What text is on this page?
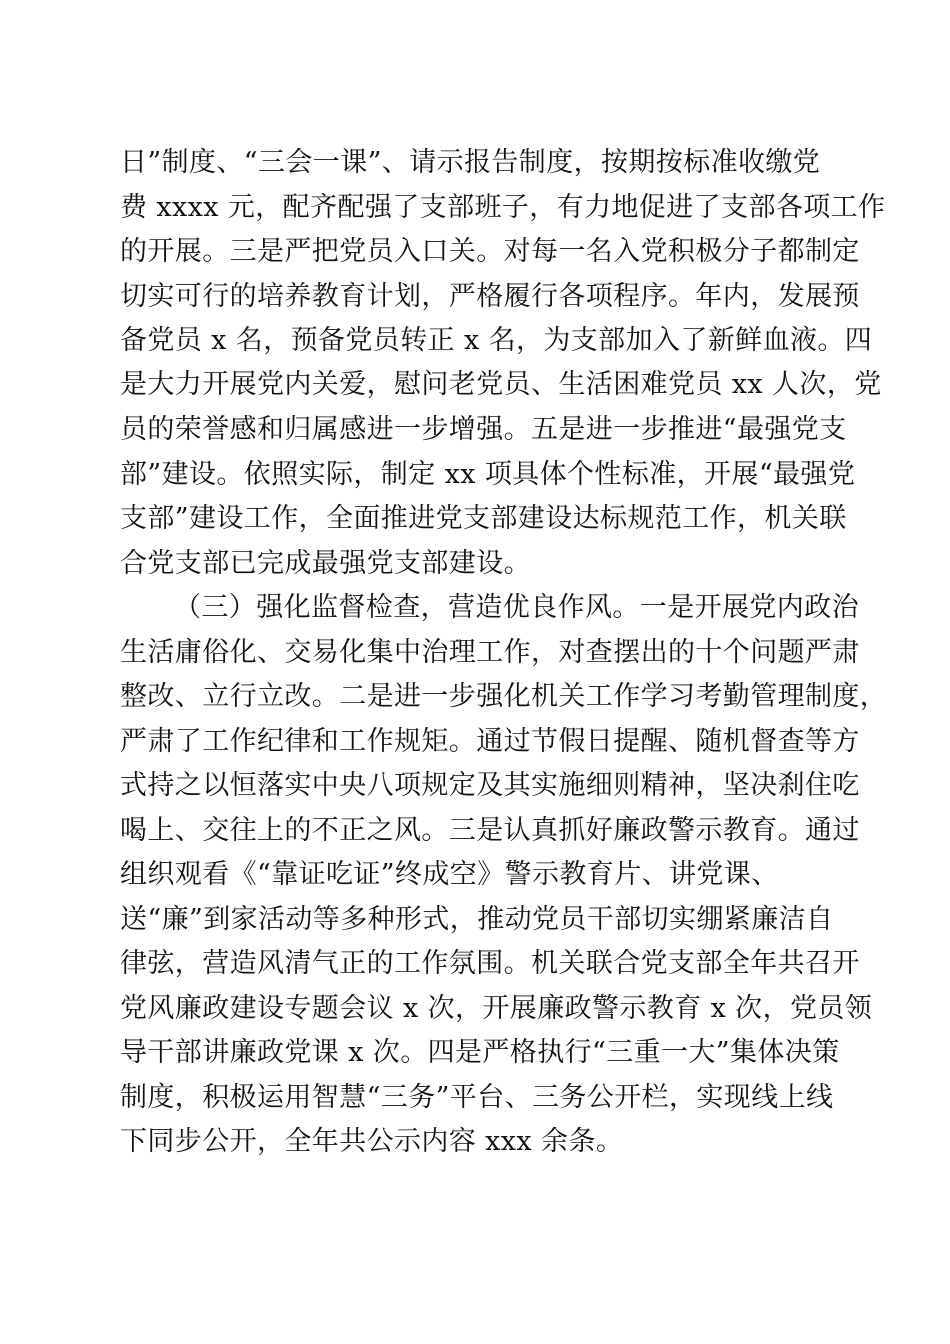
日”制度、“三会一课”、请示报告制度，按期按标准收缴党
费 xxxx 元，配齐配强了支部班子，有力地促进了支部各项工作
的开展。三是严把党员入口关。对每一名入党积极分子都制定
切实可行的培养教育计划，严格履行各项程序。年内，发展预
备党员 x 名，预备党员转正 x 名，为支部加入了新鲜血液。四
是大力开展党内关爱，慰问老党员、生活困难党员 xx 人次，党
员的荣誉感和归属感进一步增强。五是进一步推进“最强党支
部”建设。依照实际，制定 xx 项具体个性标准，开展“最强党
支部”建设工作，全面推进党支部建设达标规范工作，机关联
合党支部已完成最强党支部建设。
（三）强化监督检查，营造优良作风。一是开展党内政治
生活庸俗化、交易化集中治理工作，对查摆出的十个问题严肃
整改、立行立改。二是进一步强化机关工作学习考勤管理制度，
严肃了工作纪律和工作规矩。通过节假日提醒、随机督查等方
式持之以恒落实中央八项规定及其实施细则精神，坚决刹住吃
喝上、交往上的不正之风。三是认真抓好廉政警示教育。通过
组织观看《“靠证吃证”终成空》警示教育片、讲党课、
送“廉”到家活动等多种形式，推动党员干部切实绷紧廉洁自
律弦，营造风清气正的工作氛围。机关联合党支部全年共召开
党风廉政建设专题会议 x 次，开展廉政警示教育 x 次，党员领
导干部讲廉政党课 x 次。四是严格执行“三重一大”集体决策
制度，积极运用智慧“三务”平台、三务公开栏，实现线上线
下同步公开，全年共公示内容 xxx 余条。
